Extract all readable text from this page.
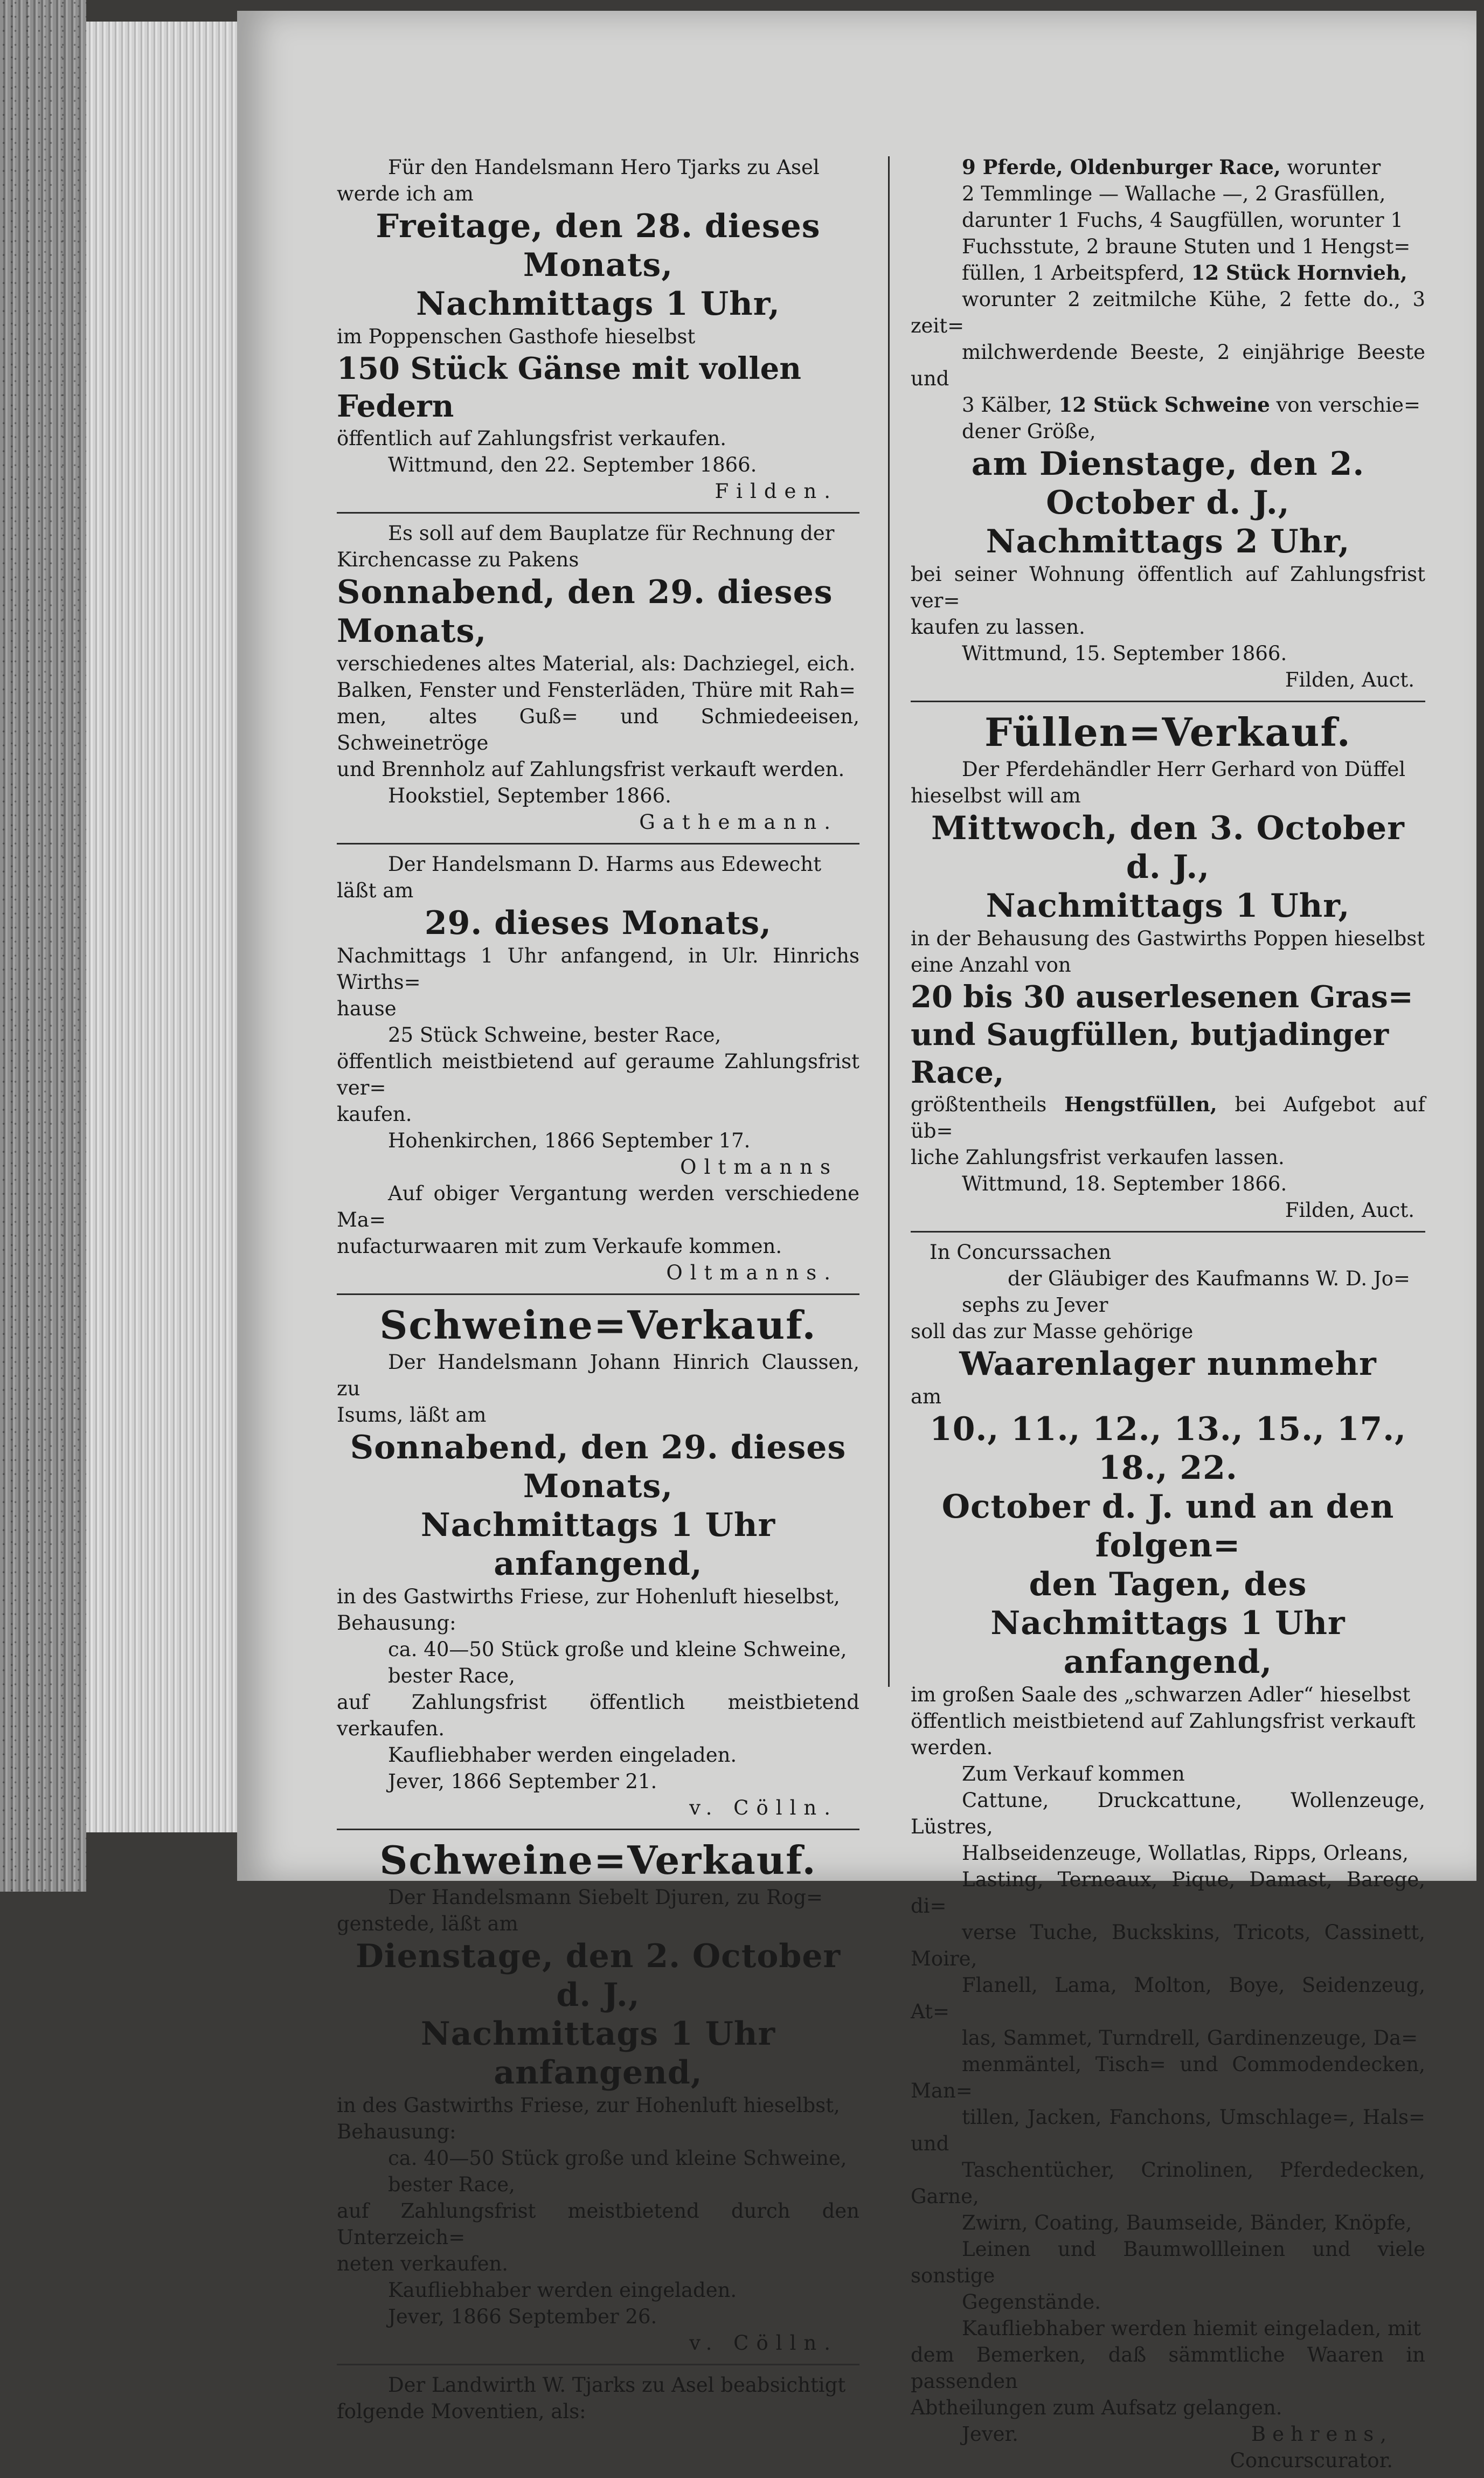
Für den Handelsmann Hero Tjarks zu Asel

werde ich am

Freitage, den 28. dieses Monats,

Nachmittags 1 Uhr,

im Poppenschen Gasthofe hieselbst

150 Stück Gänse mit vollen Federn

öffentlich auf Zahlungsfrist verkaufen.

Wittmund, den 22. September 1866.

Filden.

Es soll auf dem Bauplatze für Rechnung der

Kirchencasse zu Pakens

Sonnabend, den 29. dieses Monats,

verschiedenes altes Material, als: Dachziegel, eich.

Balken, Fenster und Fensterläden, Thüre mit Rah=

men, altes Guß= und Schmiedeeisen, Schweinetröge

und Brennholz auf Zahlungsfrist verkauft werden.

Hookstiel, September 1866.

Gathemann.

Der Handelsmann D. Harms aus Edewecht

läßt am

29. dieses Monats,

Nachmittags 1 Uhr anfangend, in Ulr. Hinrichs Wirths=

hause

25 Stück Schweine, bester Race,

öffentlich meistbietend auf geraume Zahlungsfrist ver=

kaufen.

Hohenkirchen, 1866 September 17.

Oltmanns

Auf obiger Vergantung werden verschiedene Ma=

nufacturwaaren mit zum Verkaufe kommen.

Oltmanns.

Schweine=Verkauf.

Der Handelsmann Johann Hinrich Claussen, zu

Isums, läßt am

Sonnabend, den 29. dieses Monats,

Nachmittags 1 Uhr anfangend,

in des Gastwirths Friese, zur Hohenluft hieselbst,

Behausung:

ca. 40—50 Stück große und kleine Schweine,

bester Race,

auf Zahlungsfrist öffentlich meistbietend verkaufen.

Kaufliebhaber werden eingeladen.

Jever, 1866 September 21.

v. Cölln.

Schweine=Verkauf.

Der Handelsmann Siebelt Djuren, zu Rog=

genstede, läßt am

Dienstage, den 2. October d. J.,

Nachmittags 1 Uhr anfangend,

in des Gastwirths Friese, zur Hohenluft hieselbst,

Behausung:

ca. 40—50 Stück große und kleine Schweine,

bester Race,

auf Zahlungsfrist meistbietend durch den Unterzeich=

neten verkaufen.

Kaufliebhaber werden eingeladen.

Jever, 1866 September 26.

v. Cölln.

Der Landwirth W. Tjarks zu Asel beabsichtigt

folgende Moventien, als:

9 Pferde, Oldenburger Race, worunter

2 Temmlinge — Wallache —, 2 Grasfüllen,

darunter 1 Fuchs, 4 Saugfüllen, worunter 1

Fuchsstute, 2 braune Stuten und 1 Hengst=

füllen, 1 Arbeitspferd, 12 Stück Hornvieh,

worunter 2 zeitmilche Kühe, 2 fette do., 3 zeit=

milchwerdende Beeste, 2 einjährige Beeste und

3 Kälber, 12 Stück Schweine von verschie=

dener Größe,

am Dienstage, den 2. October d. J.,

Nachmittags 2 Uhr,

bei seiner Wohnung öffentlich auf Zahlungsfrist ver=

kaufen zu lassen.

Wittmund, 15. September 1866.

Filden, Auct.

Füllen=Verkauf.

Der Pferdehändler Herr Gerhard von Düffel

hieselbst will am

Mittwoch, den 3. October d. J.,

Nachmittags 1 Uhr,

in der Behausung des Gastwirths Poppen hieselbst

eine Anzahl von

20 bis 30 auserlesenen Gras=

und Saugfüllen, butjadinger Race,

größtentheils Hengstfüllen, bei Aufgebot auf üb=

liche Zahlungsfrist verkaufen lassen.

Wittmund, 18. September 1866.

Filden, Auct.

In Concurssachen

der Gläubiger des Kaufmanns W. D. Jo=

sephs zu Jever

soll das zur Masse gehörige

Waarenlager nunmehr

am

10., 11., 12., 13., 15., 17., 18., 22.

October d. J. und an den folgen=

den Tagen, des Nachmittags 1 Uhr

anfangend,

im großen Saale des „schwarzen Adler“ hieselbst

öffentlich meistbietend auf Zahlungsfrist verkauft

werden.

Zum Verkauf kommen

Cattune, Druckcattune, Wollenzeuge, Lüstres,

Halbseidenzeuge, Wollatlas, Ripps, Orleans,

Lasting, Terneaux, Pique, Damast, Barege, di=

verse Tuche, Buckskins, Tricots, Cassinett, Moire,

Flanell, Lama, Molton, Boye, Seidenzeug, At=

las, Sammet, Turndrell, Gardinenzeuge, Da=

menmäntel, Tisch= und Commodendecken, Man=

tillen, Jacken, Fanchons, Umschlage=, Hals= und

Taschentücher, Crinolinen, Pferdedecken, Garne,

Zwirn, Coating, Baumseide, Bänder, Knöpfe,

Leinen und Baumwollleinen und viele sonstige

Gegenstände.

Kaufliebhaber werden hiemit eingeladen, mit

dem Bemerken, daß sämmtliche Waaren in passenden

Abtheilungen zum Aufsatz gelangen.

Jever.	Behrens,

Concurscurator.
